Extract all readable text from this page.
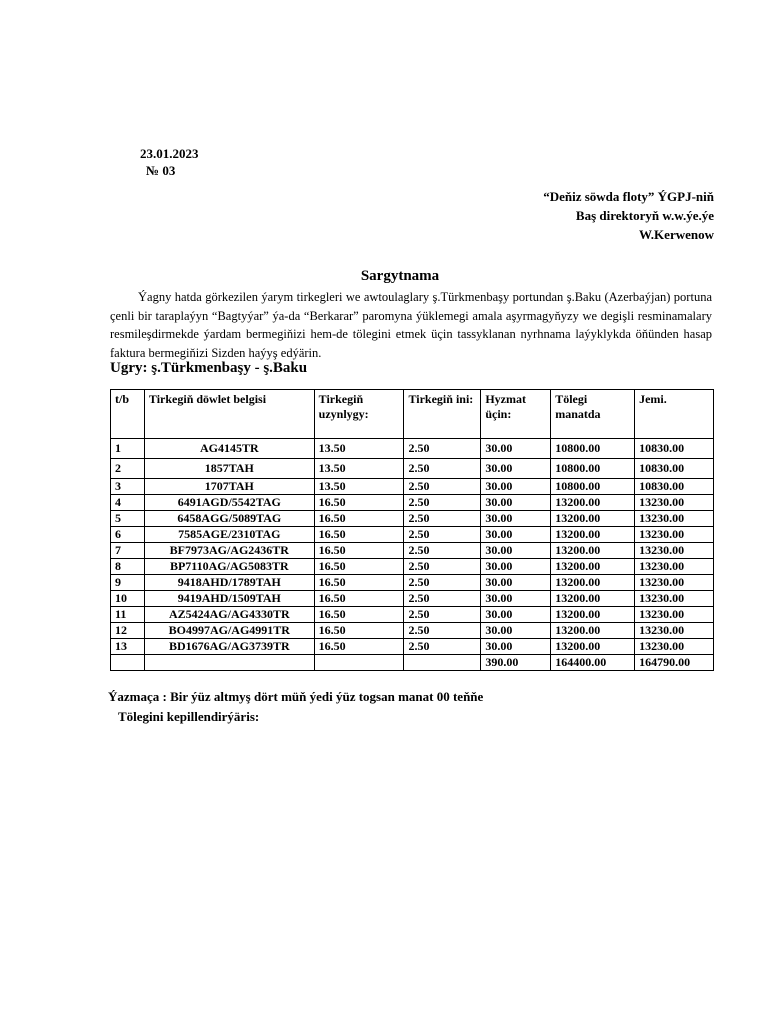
23.01.2023
№ 03
“Deňiz söwda floty” ÝGPJ-niň
Baş direktoryň w.w.ýe.ýe
W.Kerwenow
Sargytnama
Ýagny hatda görkezilen ýarym tirkegleri we awtoulaglary ş.Türkmenbaşy portundan ş.Baku (Azerbaýjan) portuna çenli bir taraplaýyn “Bagtyýar” ýa-da “Berkarar” paromyna ýüklemegi amala aşyrmagyňyzy we degişli resminamalary resmileşdirmekde ýardam bermegiňizi hem-de tölegini etmek üçin tassyklanan nyrhnama laýyklykda öňünden hasap faktura bermegiňizi Sizden haýyş edýärin.
Ugry: ş.Türkmenbaşy - ş.Baku
t/b	Tirkegiň döwlet belgisi	Tirkegiň uzynlygy:	Tirkegiň ini:	Hyzmat üçin:	Tölegi manatda	Jemi.
1	AG4145TR	13.50	2.50	30.00	10800.00	10830.00
2	1857TAH	13.50	2.50	30.00	10800.00	10830.00
3	1707TAH	13.50	2.50	30.00	10800.00	10830.00
4	6491AGD/5542TAG	16.50	2.50	30.00	13200.00	13230.00
5	6458AGG/5089TAG	16.50	2.50	30.00	13200.00	13230.00
6	7585AGE/2310TAG	16.50	2.50	30.00	13200.00	13230.00
7	BF7973AG/AG2436TR	16.50	2.50	30.00	13200.00	13230.00
8	BP7110AG/AG5083TR	16.50	2.50	30.00	13200.00	13230.00
9	9418AHD/1789TAH	16.50	2.50	30.00	13200.00	13230.00
10	9419AHD/1509TAH	16.50	2.50	30.00	13200.00	13230.00
11	AZ5424AG/AG4330TR	16.50	2.50	30.00	13200.00	13230.00
12	BO4997AG/AG4991TR	16.50	2.50	30.00	13200.00	13230.00
13	BD1676AG/AG3739TR	16.50	2.50	30.00	13200.00	13230.00
				390.00	164400.00	164790.00
Ýazmaça : Bir ýüz altmyş dört müň ýedi ýüz togsan manat 00 teňňe
Tölegini kepillendirýäris:
